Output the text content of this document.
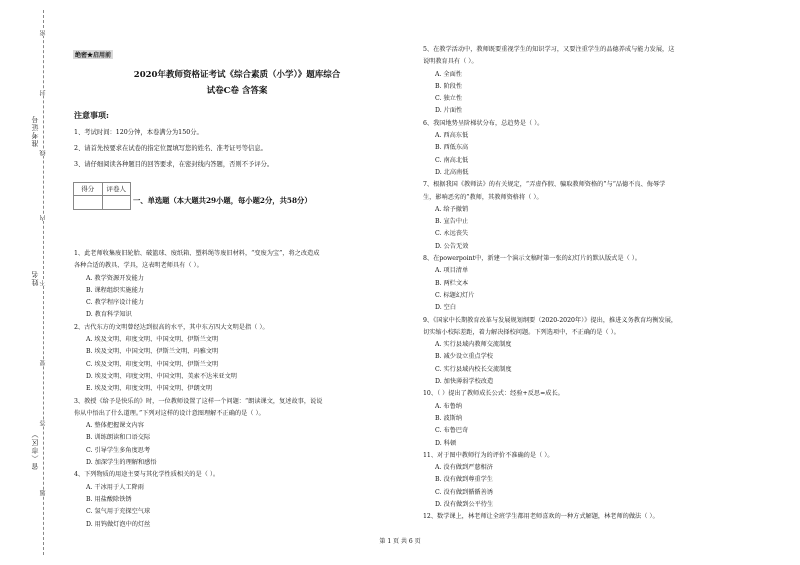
准考证号
姓名
省（市区）
密
封
线
内
不
要
答
题
绝密★启用前
2020年教师资格证考试《综合素质（小学）》题库综合
试卷C卷 含答案
注意事项:
1、考试时间：120分钟，本卷满分为150分。
2、请首先按要求在试卷的指定位置填写您的姓名、准考证号等信息。
3、请仔细阅读各种题目的回答要求，在密封线内答题，否则不予评分。
得分	评卷人
一、单选题（本大题共29小题，每小题2分，共58分）
1、此老师收集废旧轮胎、破篮球、废纸箱、塑料绳等废旧材料，“变废为宝”，将之改造成
各种合适的教具、学具，这表明老师具有（ ）。
A. 教学资源开发能力
B. 课程组织实施能力
C. 教学程序设计能力
D. 教育科学知识
2、古代东方的文明曾经达到很高的水平，其中东方四大文明是指（ ）。
A. 埃及文明、印度文明、中国文明、伊斯兰文明
B. 埃及文明、中国文明、伊斯兰文明、玛雅文明
C. 埃及文明、印度文明、中国文明、伊斯兰文明
D. 埃及文明、印度文明、中国文明、美索不达米亚文明
E. 埃及文明、印度文明、中国文明、伊朗文明
3、教授《给予是快乐的》时，一位教师设置了这样一个问题：“朗读课文，复述故事，说说
你从中悟出了什么道理。”下列对这样的设计意图理解不正确的是（ ）。
A. 整体把握课文内容
B. 训练朗读和口语交际
C. 引导学生多角度思考
D. 加深学生的理解和感悟
4、下列物质的用途主要与其化学性质相关的是（ ）。
A. 干冰用于人工降雨
B. 用盐酸除铁锈
C. 氢气用于充探空气球
D. 用钨做灯泡中的灯丝
5、在教学活动中，教师既要重视学生的知识学习，又要注重学生的品德养成与能力发展，这
说明教育具有（ ）。
A. 全面性
B. 阶段性
C. 独立性
D. 片面性
6、我国地势呈阶梯状分布，总趋势是（ ）。
A. 西高东低
B. 西低东高
C. 南高北低
D. 北高南低
7、根据我国《教师法》的有关规定，“弄虚作假、骗取教师资格的”与“品德不良、侮辱学
生，影响恶劣的”教师，其教师资格将（ ）。
A. 给予撤销
B. 宣告中止
C. 永远丧失
D. 公告无效
8、在powerpoint中，新建一个演示文稿时第一张的幻灯片的默认版式是（ ）。
A. 项目清单
B. 两栏文本
C. 标题幻灯片
D. 空白
9、《国家中长期教育改革与发展规划纲要（2020-2020年）》提出，推进义务教育均衡发展，
切实缩小校际差距，着力解决择校问题。下列选项中，不正确的是（ ）。
A. 实行县域内教师交流制度
B. 减少设立重点学校
C. 实行县域内校长交流制度
D. 加快薄弱学校改造
10、（ ）提出了教师成长公式：经验+反思=成长。
A. 布鲁纳
B. 波斯纳
C. 布鲁巴奇
D. 科顿
11、对于图中教师行为的评价不准确的是（ ）。
A. 没有做到严慈相济
B. 没有做到尊重学生
C. 没有做到循循善诱
D. 没有做到公平待生
12、数学课上，林老师让全班学生都用老师喜欢的一种方式解题，林老师的做法（ ）。
第 1 页 共 6 页
